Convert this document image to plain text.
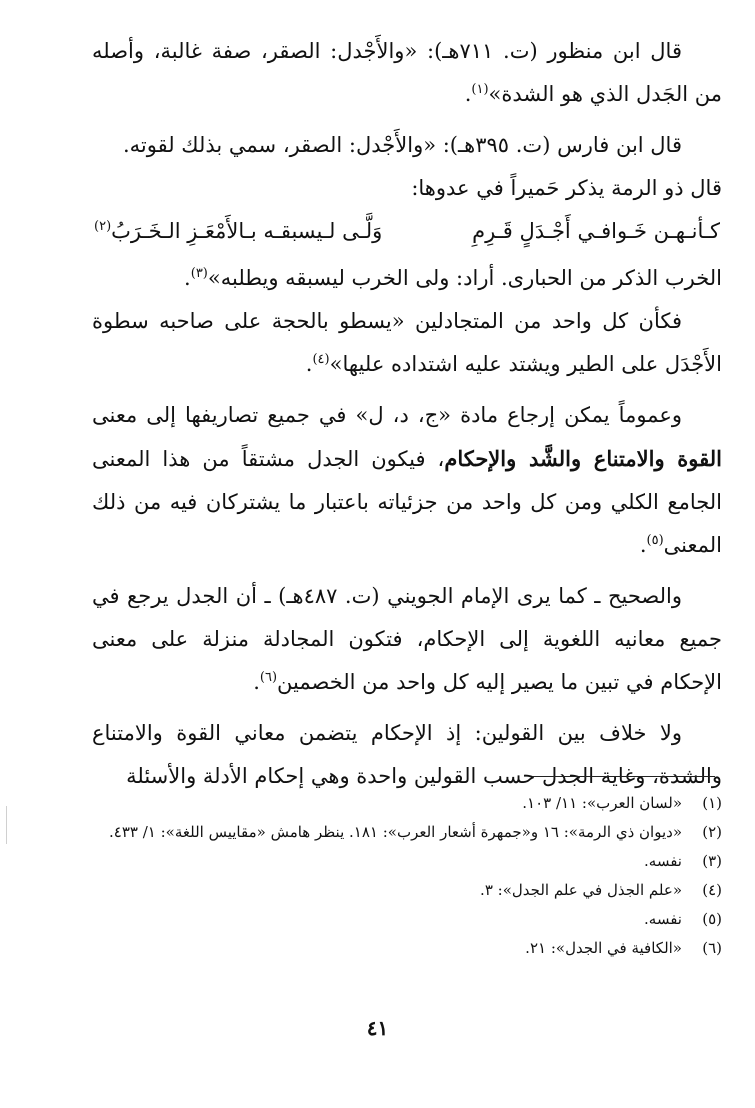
قال ابن منظور (ت. ٧١١هـ): «والأَجْدل: الصقر، صفة غالبة، وأصله من الجَدل الذي هو الشدة»$^{(١)}$.

قال ابن فارس (ت. ٣٩٥هـ): «والأَجْدل: الصقر، سمي بذلك لقوته.

قال ذو الرمة يذكر حَميراً في عدوها:

كـأنـهـن خَـوافـي أَجْـدَلٍ قَـرِمِ
وَلَّـى لـيسبقـه بـالأَمْعَـزِ الـخَـرَبُ$^{(٢)}$

الخرب الذكر من الحبارى. أراد: ولى الخرب ليسبقه ويطلبه»$^{(٣)}$.

فكأن كل واحد من المتجادلين «يسطو بالحجة على صاحبه سطوة الأَجْدَل على الطير ويشتد عليه اشتداده عليها»$^{(٤)}$.

وعموماً يمكن إرجاع مادة «ج، د، ل» في جميع تصاريفها إلى معنى القوة والامتناع والشَّد والإحكام، فيكون الجدل مشتقاً من هذا المعنى الجامع الكلي ومن كل واحد من جزئياته باعتبار ما يشتركان فيه من ذلك المعنى$^{(٥)}$.

والصحيح ـ كما يرى الإمام الجويني (ت. ٤٨٧هـ) ـ أن الجدل يرجع في جميع معانيه اللغوية إلى الإحكام، فتكون المجادلة منزلة على معنى الإحكام في تبين ما يصير إليه كل واحد من الخصمين$^{(٦)}$.

ولا خلاف بين القولين: إذ الإحكام يتضمن معاني القوة والامتناع والشدة، وغاية الجدل حسب القولين واحدة وهي إحكام الأدلة والأسئلة

(١)
«لسان العرب»: ١١/ ١٠٣.
(٢)
«ديوان ذي الرمة»: ١٦ و«جمهرة أشعار العرب»: ١٨١. ينظر هامش «مقاييس اللغة»: ١/ ٤٣٣.
(٣)
نفسه.
(٤)
«علم الجذل في علم الجدل»: ٣.
(٥)
نفسه.
(٦)
«الكافية في الجدل»: ٢١.
٤١
